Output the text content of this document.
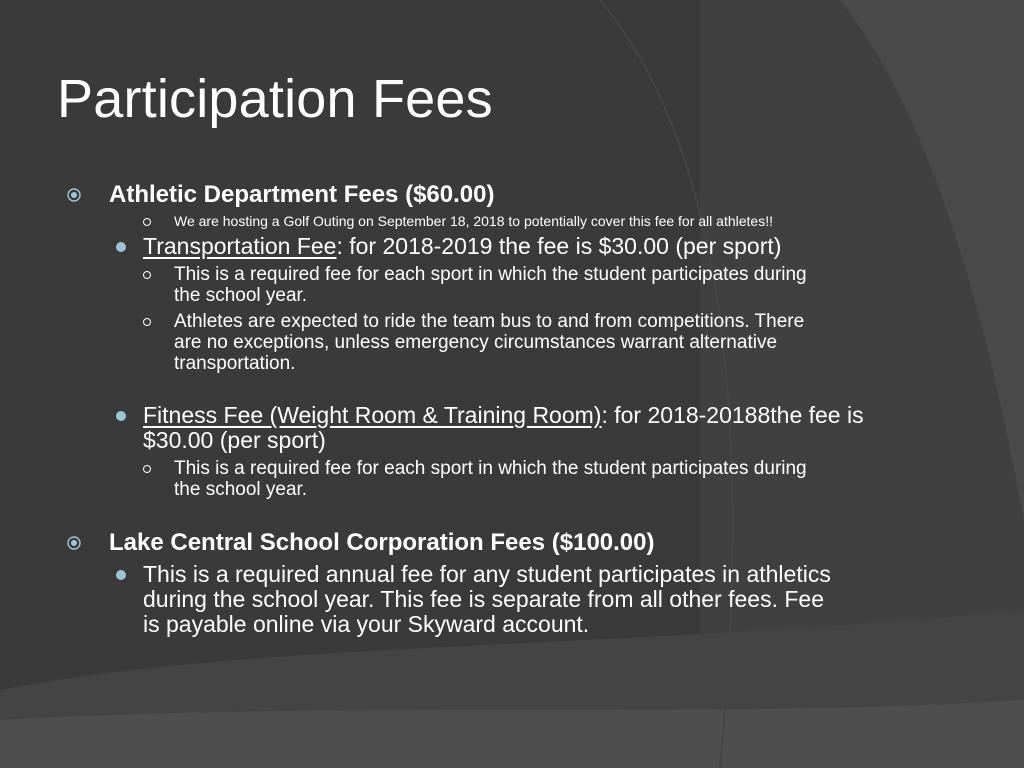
Participation Fees
Athletic Department Fees ($60.00)
We are hosting a Golf Outing on September 18, 2018 to potentially cover this fee for all athletes!!
Transportation Fee: for 2018-2019 the fee is $30.00 (per sport)
This is a required fee for each sport in which the student participates during the school year.
Athletes are expected to ride the team bus to and from competitions. There are no exceptions, unless emergency circumstances warrant alternative transportation.
Fitness Fee (Weight Room & Training Room): for 2018-20188the fee is $30.00 (per sport)
This is a required fee for each sport in which the student participates during the school year.
Lake Central School Corporation Fees ($100.00)
This is a required annual fee for any student participates in athletics during the school year. This fee is separate from all other fees. Fee is payable online via your Skyward account.
